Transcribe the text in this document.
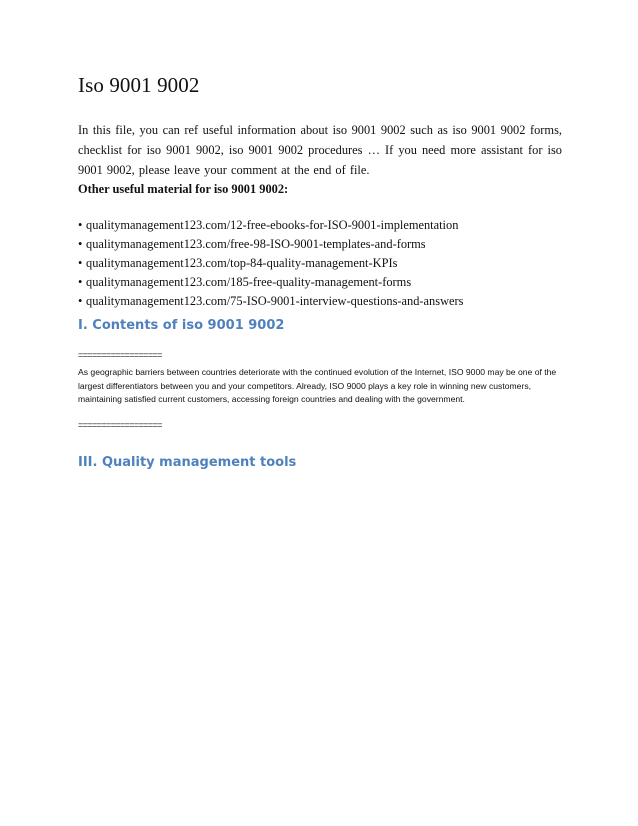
Iso 9001 9002
In this file, you can ref useful information about iso 9001 9002 such as iso 9001 9002 forms, checklist for iso 9001 9002, iso 9001 9002 procedures … If you need more assistant for iso 9001 9002, please leave your comment at the end of file.
Other useful material for iso 9001 9002:
• qualitymanagement123.com/12-free-ebooks-for-ISO-9001-implementation
• qualitymanagement123.com/free-98-ISO-9001-templates-and-forms
• qualitymanagement123.com/top-84-quality-management-KPIs
• qualitymanagement123.com/185-free-quality-management-forms
• qualitymanagement123.com/75-ISO-9001-interview-questions-and-answers
I. Contents of iso 9001 9002
==================
As geographic barriers between countries deteriorate with the continued evolution of the Internet, ISO 9000 may be one of the largest differentiators between you and your competitors. Already, ISO 9000 plays a key role in winning new customers, maintaining satisfied current customers, accessing foreign countries and dealing with the government.
==================
III. Quality management tools
